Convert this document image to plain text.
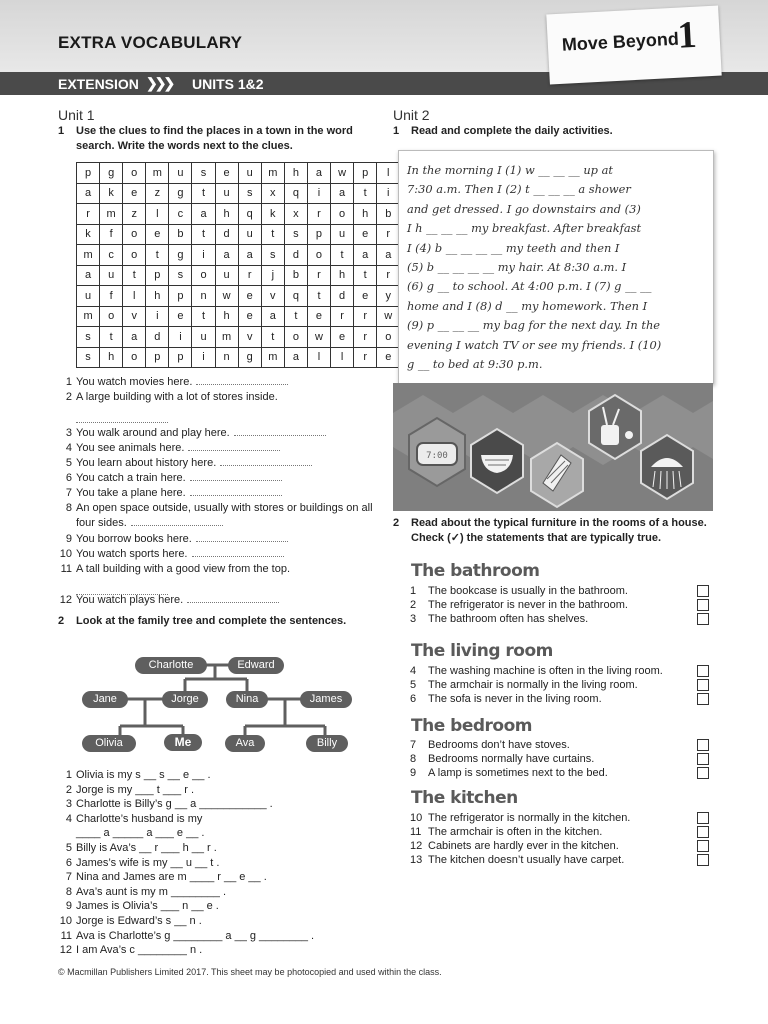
EXTRA VOCABULARY
EXTENSION ❯❯❯ UNITS 1&2
Move Beyond
1
Unit 1
1	Use the clues to find the places in a town in the word search. Write the words next to the clues.
p	g	o	m	u	s	e	u	m	h	a	w	p	l
a	k	e	z	g	t	u	s	x	q	i	a	t	i
r	m	z	l	c	a	h	q	k	x	r	o	h	b
k	f	o	e	b	t	d	u	t	s	p	u	e	r
m	c	o	t	g	i	a	a	s	d	o	t	a	a
a	u	t	p	s	o	u	r	j	b	r	h	t	r
u	f	l	h	p	n	w	e	v	q	t	d	e	y
m	o	v	i	e	t	h	e	a	t	e	r	r	w
s	t	a	d	i	u	m	v	t	o	w	e	r	o
s	h	o	p	p	i	n	g	m	a	l	l	r	e
1 You watch movies here.
2 A large building with a lot of stores inside.
3 You walk around and play here.
4 You see animals here.
5 You learn about history here.
6 You catch a train here.
7 You take a plane here.
8 An open space outside, usually with stores or buildings on all four sides.
9 You borrow books here.
10 You watch sports here.
11 A tall building with a good view from the top.
12 You watch plays here.
2	Look at the family tree and complete the sentences.
Charlotte	Edward
Jane	Jorge	Nina	James
Olivia	Me	Ava	Billy
1 Olivia is my s __ s __ e __ .
2 Jorge is my ___ t ___ r .
3 Charlotte is Billy’s g __ a ___________ .
4 Charlotte’s husband is my
____ a _____ a ___ e __ .
5 Billy is Ava’s __ r ___ h __ r .
6 James’s wife is my __ u __ t .
7 Nina and James are m ____ r __ e __ .
8 Ava’s aunt is my m ________ .
9 James is Olivia’s ___ n __ e .
10 Jorge is Edward’s s __ n .
11 Ava is Charlotte’s g ________ a __ g ________ .
12 I am Ava’s c ________ n .
Unit 2
1	Read and complete the daily activities.
In the morning I (1) w __ __ __ up at
7:30 a.m. Then I (2) t __ __ __ a shower
and get dressed. I go downstairs and (3)
I h __ __ __ my breakfast. After breakfast
I (4) b __ __ __ __ my teeth and then I
(5) b __ __ __ __ my hair. At 8:30 a.m. I
(6) g __ to school. At 4:00 p.m. I (7) g __ __
home and I (8) d __ my homework. Then I
(9) p __ __ __ my bag for the next day. In the
evening I watch TV or see my friends. I (10)
g __ to bed at 9:30 p.m.
7:00
2	Read about the typical furniture in the rooms of a house. Check (✓) the statements that are typically true.
The bathroom
1 The bookcase is usually in the bathroom.
2 The refrigerator is never in the bathroom.
3 The bathroom often has shelves.
The living room
4 The washing machine is often in the living room.
5 The armchair is normally in the living room.
6 The sofa is never in the living room.
The bedroom
7 Bedrooms don’t have stoves.
8 Bedrooms normally have curtains.
9 A lamp is sometimes next to the bed.
The kitchen
10 The refrigerator is normally in the kitchen.
11 The armchair is often in the kitchen.
12 Cabinets are hardly ever in the kitchen.
13 The kitchen doesn’t usually have carpet.
© Macmillan Publishers Limited 2017. This sheet may be photocopied and used within the class.
